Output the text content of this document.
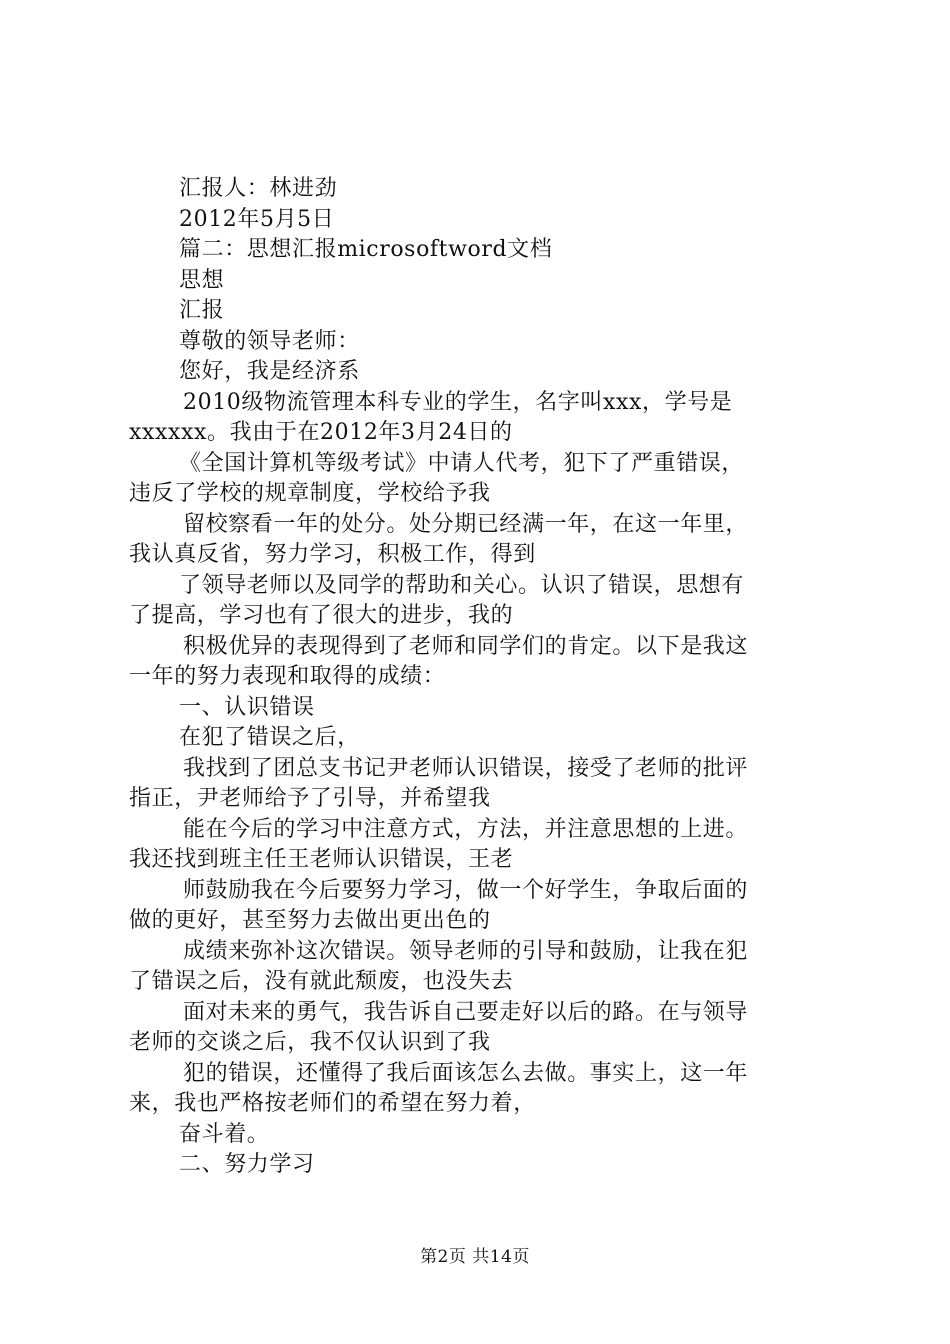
汇报人：林进劲
2012年5月5日
篇二：思想汇报microsoftword文档
思想
汇报
尊敬的领导老师：
您好，我是经济系
2010级物流管理本科专业的学生，名字叫xxx，学号是
xxxxxx。我由于在2012年3月24日的
《全国计算机等级考试》中请人代考，犯下了严重错误，
违反了学校的规章制度，学校给予我
留校察看一年的处分。处分期已经满一年，在这一年里，
我认真反省，努力学习，积极工作，得到
了领导老师以及同学的帮助和关心。认识了错误，思想有
了提高，学习也有了很大的进步，我的
积极优异的表现得到了老师和同学们的肯定。以下是我这
一年的努力表现和取得的成绩：
一、认识错误
在犯了错误之后，
我找到了团总支书记尹老师认识错误，接受了老师的批评
指正，尹老师给予了引导，并希望我
能在今后的学习中注意方式，方法，并注意思想的上进。
我还找到班主任王老师认识错误，王老
师鼓励我在今后要努力学习，做一个好学生，争取后面的
做的更好，甚至努力去做出更出色的
成绩来弥补这次错误。领导老师的引导和鼓励，让我在犯
了错误之后，没有就此颓废，也没失去
面对未来的勇气，我告诉自己要走好以后的路。在与领导
老师的交谈之后，我不仅认识到了我
犯的错误，还懂得了我后面该怎么去做。事实上，这一年
来，我也严格按老师们的希望在努力着，
奋斗着。
二、努力学习
第2页 共14页
